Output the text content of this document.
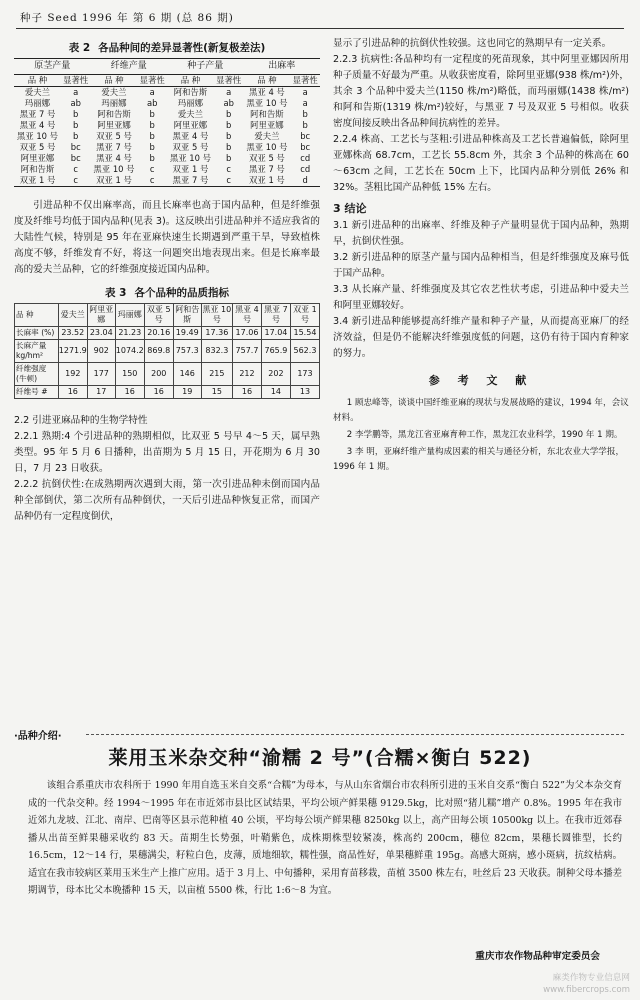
种子 Seed 1996 年 第 6 期 (总 86 期)
表 2 各品种间的差异显著性(新复极差法)
原茎产量		纤维产量		种子产量		出麻率	
品 种	显著性	品 种	显著性	品 种	显著性	品 种	显著性
爱夫兰	a	爱夫兰	a	阿和告斯	a	黑亚 4 号	a
玛丽娜	ab	玛丽娜	ab	玛丽娜	ab	黑亚 10 号	a
黑亚 7 号	b	阿和告斯	b	爱夫兰	b	阿和告斯	b
黑亚 4 号	b	阿里亚娜	b	阿里亚娜	b	阿里亚娜	b
黑亚 10 号	b	双亚 5 号	b	黑亚 4 号	b	爱夫兰	bc
双亚 5 号	bc	黑亚 7 号	b	双亚 5 号	b	黑亚 10 号	bc
阿里亚娜	bc	黑亚 4 号	b	黑亚 10 号	b	双亚 5 号	cd
阿和告斯	c	黑亚 10 号	c	双亚 1 号	c	黑亚 7 号	cd
双亚 1 号	c	双亚 1 号	c	黑亚 7 号	c	双亚 1 号	d

引进品种不仅出麻率高，而且长麻率也高于国内品种，但是纤维强度及纤维号均低于国内品种(见表 3)。这反映出引进品种并不适应我省的大陆性气候，特别是 95 年在亚麻快速生长期遇到严重干旱，导致植株高度不够，纤维发育不好，将这一问题突出地表现出来。但是长麻率最高的爱夫兰品种，它的纤维强度接近国内品种。

表 3 各个品种的品质指标
品 种	爱夫兰	阿里亚娜	玛丽娜	双亚 5 号	阿和告斯	黑亚 10 号	黑亚 4 号	黑亚 7 号	双亚 1 号
长麻率 (%)	23.52	23.04	21.23	20.16	19.49	17.36	17.06	17.04	15.54
长麻产量 kg/hm²	1271.9	902	1074.2	869.8	757.3	832.3	757.7	765.9	562.3
纤维强度 (牛顿)	192	177	150	200	146	215	212	202	173
纤维号 #	16	17	16	16	19	15	16	14	13

2.2 引进亚麻品种的生物学特性

2.2.1 熟期:4 个引进品种的熟期相似，比双亚 5 号早 4～5 天，属早熟类型。95 年 5 月 6 日播种，出苗期为 5 月 15 日，开花期为 6 月 30 日，7 月 23 日收获。

2.2.2 抗倒伏性:在成熟期两次遇到大雨，第一次引进品种未倒而国内品种全部倒伏，第二次所有品种倒伏，一天后引进品种恢复正常，而国产品种仍有一定程度倒伏，

显示了引进品种的抗倒伏性较强。这也同它的熟期早有一定关系。

2.2.3 抗病性:各品种均有一定程度的死苗现象，其中阿里亚娜因所用种子质量不好最为严重。从收获密度看，除阿里亚娜(938 株/m²)外，其余 3 个品种中爱夫兰(1150 株/m²)略低，而玛丽娜(1438 株/m²)和阿和告斯(1319 株/m²)较好，与黑亚 7 号及双亚 5 号相似。收获密度间接反映出各品种间抗病性的差异。

2.2.4 株高、工艺长与茎粗:引进品种株高及工艺长普遍偏低，除阿里亚娜株高 68.7cm，工艺长 55.8cm 外，其余 3 个品种的株高在 60～63cm 之间，工艺长在 50cm 上下，比国内品种分别低 26% 和 32%。茎粗比国产品种低 15% 左右。

3 结论

3.1 新引进品种的出麻率、纤维及种子产量明显优于国内品种，熟期早，抗倒伏性强。

3.2 新引进品种的原茎产量与国内品种相当，但是纤维强度及麻号低于国产品种。

3.3 从长麻产量、纤维强度及其它农艺性状考虑，引进品种中爱夫兰和阿里亚娜较好。

3.4 新引进品种能够提高纤维产量和种子产量，从而提高亚麻厂的经济效益，但是仍不能解决纤维强度低的问题，这仍有待于国内育种家的努力。

参 考 文 献

1 顾忠峰等，谈谈中国纤维亚麻的现状与发展战略的建议，1994 年，会议材料。

2 李学鹏等，黑龙江省亚麻育种工作，黑龙江农业科学，1990 年 1 期。

3 李 明，亚麻纤维产量构成因素的相关与通径分析，东北农业大学学报，1996 年 1 期。

·品种介绍·
莱用玉米杂交种“渝糯 2 号”(合糯×衡白 522)

该组合系重庆市农科所于 1990 年用自选玉米自交系“合糯”为母本，与从山东省烟台市农科所引进的玉米自交系“衡白 522”为父本杂交育成的一代杂交种。经 1994～1995 年在市近郊市县比区试结果，平均公顷产鲜果穗 9129.5kg，比对照“猪儿糯”增产 0.8%。1995 年在我市近郊九龙坡、江北、南岸、巴南等区县示范种植 40 公顷，平均每公顷产鲜果穗 8250kg 以上，高产田每公顷 10500kg 以上。在我市近郊春播从出苗至鲜果穗采收约 83 天。苗期生长势强，叶鞘紫色，成株期株型较紧凑，株高约 200cm，穗位 82cm，果穗长圆锥型，长约 16.5cm，12～14 行，果穗满尖，籽粒白色，皮薄，质地细软，糯性强，商品性好，单果穗鲜重 195g。高感大斑病，感小斑病，抗纹枯病。适宜在我市较病区莱用玉米生产上推广应用。适于 3 月上、中旬播种，采用育苗移栽，苗植 3500 株左右，吐丝后 23 天收获。制种父母本播差期调节，母本比父本晚播种 15 天，以亩植 5500 株，行比 1:6～8 为宜。

重庆市农作物品种审定委员会
麻类作物专业信息网
www.fibercrops.com
